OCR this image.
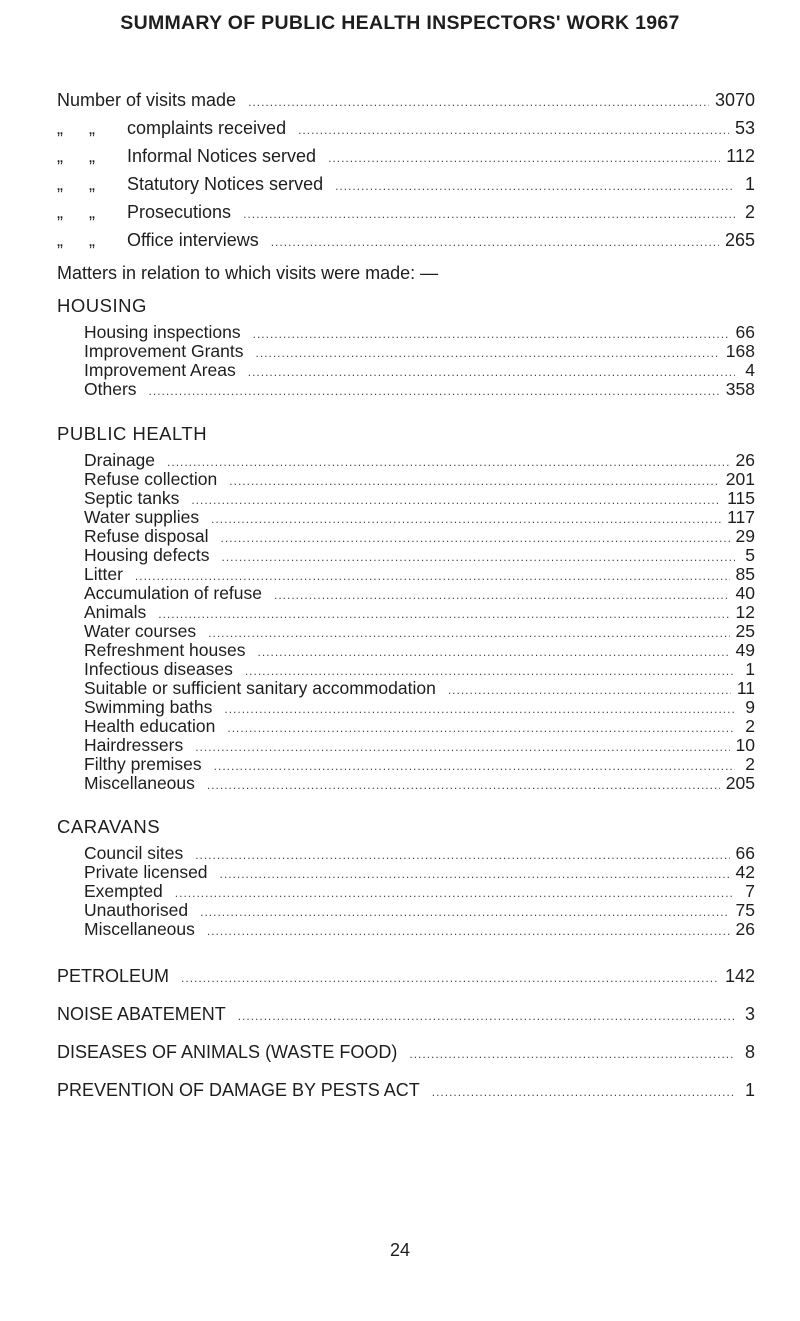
SUMMARY OF PUBLIC HEALTH INSPECTORS' WORK 1967
Number of visits made .....	3070
„ „ complaints received .....	53
„ „ Informal Notices served .....	112
„ „ Statutory Notices served .....	1
„ „ Prosecutions .....	2
„ „ Office interviews .....	265
Matters in relation to which visits were made: —
HOUSING
Housing inspections .....	66
Improvement Grants .....	168
Improvement Areas .....	4
Others .....	358
PUBLIC HEALTH
Drainage .....	26
Refuse collection .....	201
Septic tanks .....	115
Water supplies .....	117
Refuse disposal .....	29
Housing defects .....	5
Litter .....	85
Accumulation of refuse .....	40
Animals .....	12
Water courses .....	25
Refreshment houses .....	49
Infectious diseases .....	1
Suitable or sufficient sanitary accommodation .....	11
Swimming baths .....	9
Health education .....	2
Hairdressers .....	10
Filthy premises .....	2
Miscellaneous .....	205
CARAVANS
Council sites .....	66
Private licensed .....	42
Exempted .....	7
Unauthorised .....	75
Miscellaneous .....	26
PETROLEUM .....	142
NOISE ABATEMENT .....	3
DISEASES OF ANIMALS (WASTE FOOD) .....	8
PREVENTION OF DAMAGE BY PESTS ACT .....	1
24
